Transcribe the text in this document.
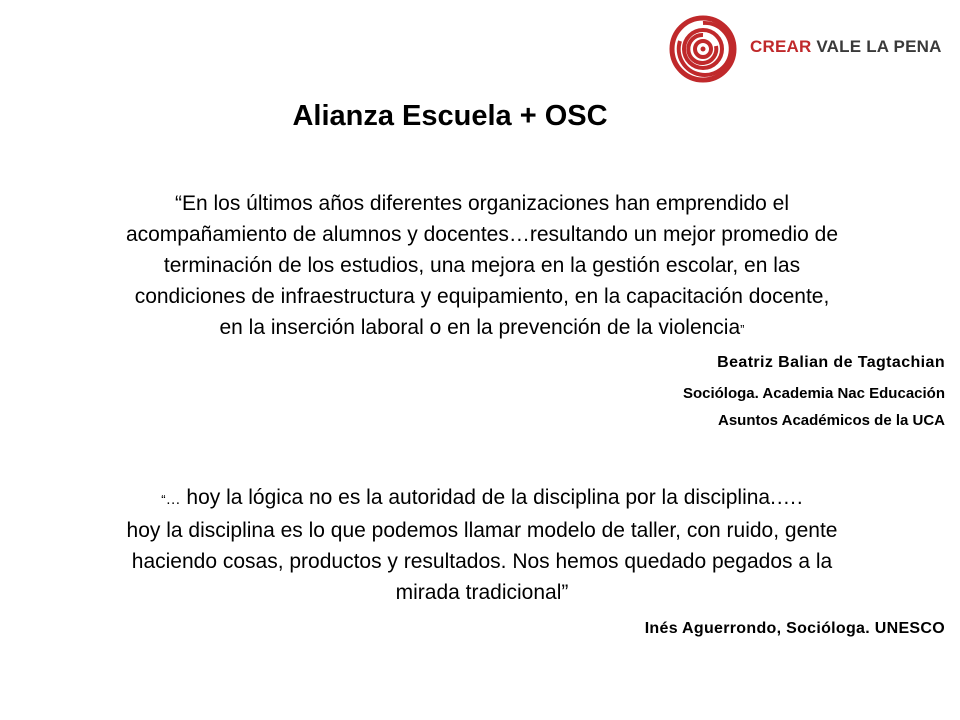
CREAR VALE LA PENA
Alianza Escuela + OSC
“En los últimos años diferentes organizaciones han emprendido el
acompañamiento de alumnos y docentes…resultando un mejor promedio de
terminación de los estudios, una mejora en la gestión escolar, en las
condiciones de infraestructura y equipamiento, en la capacitación docente,
en la inserción laboral o en la prevención de la violencia”
Beatriz Balian de Tagtachian
Socióloga. Academia Nac Educación
Asuntos Académicos de la UCA
“… hoy la lógica no es la autoridad de la disciplina por la disciplina.….
hoy la disciplina es lo que podemos llamar modelo de taller, con ruido, gente
haciendo cosas, productos y resultados. Nos hemos quedado pegados a la
mirada tradicional”
Inés Aguerrondo, Socióloga. UNESCO
